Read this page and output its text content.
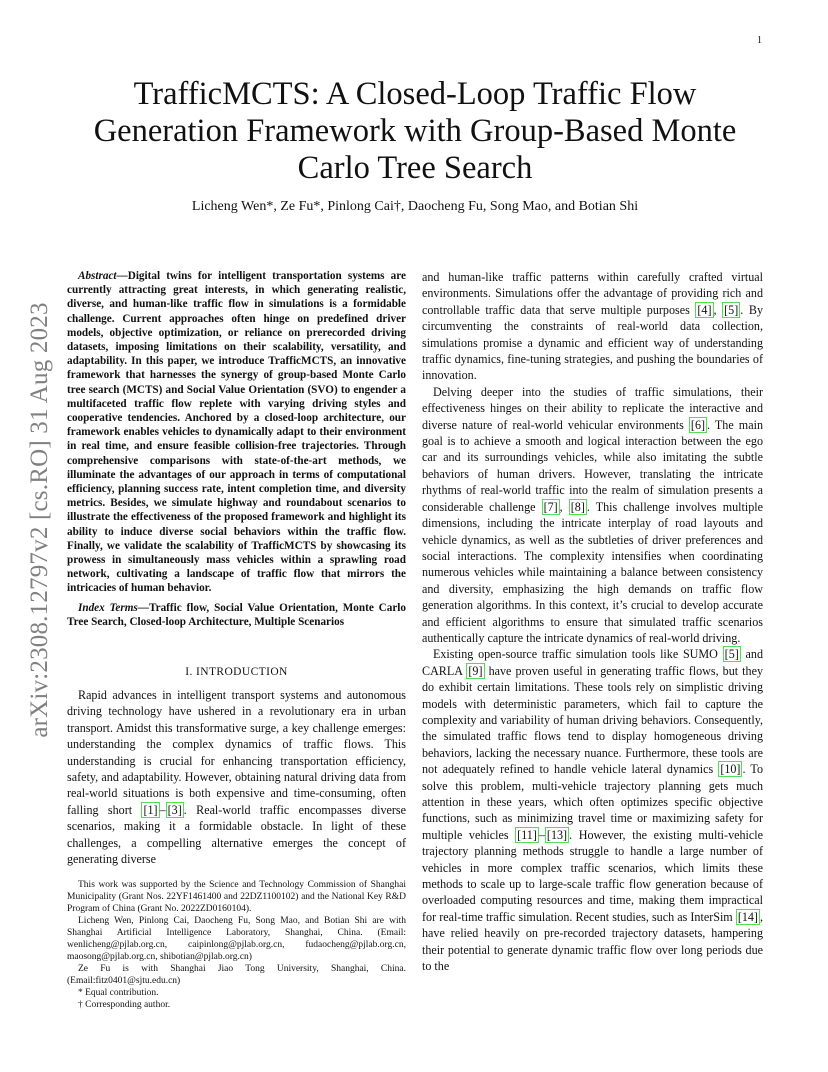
1
arXiv:2308.12797v2 [cs.RO] 31 Aug 2023
TrafficMCTS: A Closed-Loop Traffic Flow Generation Framework with Group-Based Monte Carlo Tree Search
Licheng Wen*, Ze Fu*, Pinlong Cai†, Daocheng Fu, Song Mao, and Botian Shi

Abstract—Digital twins for intelligent transportation systems are currently attracting great interests, in which generating realistic, diverse, and human-like traffic flow in simulations is a formidable challenge. Current approaches often hinge on predefined driver models, objective optimization, or reliance on prerecorded driving datasets, imposing limitations on their scalability, versatility, and adaptability. In this paper, we introduce TrafficMCTS, an innovative framework that harnesses the synergy of group-based Monte Carlo tree search (MCTS) and Social Value Orientation (SVO) to engender a multifaceted traffic flow replete with varying driving styles and cooperative tendencies. Anchored by a closed-loop architecture, our framework enables vehicles to dynamically adapt to their environment in real time, and ensure feasible collision-free trajectories. Through comprehensive comparisons with state-of-the-art methods, we illuminate the advantages of our approach in terms of computational efficiency, planning success rate, intent completion time, and diversity metrics. Besides, we simulate highway and roundabout scenarios to illustrate the effectiveness of the proposed framework and highlight its ability to induce diverse social behaviors within the traffic flow. Finally, we validate the scalability of TrafficMCTS by showcasing its prowess in simultaneously mass vehicles within a sprawling road network, cultivating a landscape of traffic flow that mirrors the intricacies of human behavior.

Index Terms—Traffic flow, Social Value Orientation, Monte Carlo Tree Search, Closed-loop Architecture, Multiple Scenarios

I. INTRODUCTION

Rapid advances in intelligent transport systems and autonomous driving technology have ushered in a revolutionary era in urban transport. Amidst this transformative surge, a key challenge emerges: understanding the complex dynamics of traffic flows. This understanding is crucial for enhancing transportation efficiency, safety, and adaptability. However, obtaining natural driving data from real-world situations is both expensive and time-consuming, often falling short [1] – [3] . Real-world traffic encompasses diverse scenarios, making it a formidable obstacle. In light of these challenges, a compelling alternative emerges the concept of generating diverse

and human-like traffic patterns within carefully crafted virtual environments. Simulations offer the advantage of providing rich and controllable traffic data that serve multiple purposes [4] , [5] . By circumventing the constraints of real-world data collection, simulations promise a dynamic and efficient way of understanding traffic dynamics, fine-tuning strategies, and pushing the boundaries of innovation.

Delving deeper into the studies of traffic simulations, their effectiveness hinges on their ability to replicate the interactive and diverse nature of real-world vehicular environments [6] . The main goal is to achieve a smooth and logical interaction between the ego car and its surroundings vehicles, while also imitating the subtle behaviors of human drivers. However, translating the intricate rhythms of real-world traffic into the realm of simulation presents a considerable challenge [7] , [8] . This challenge involves multiple dimensions, including the intricate interplay of road layouts and vehicle dynamics, as well as the subtleties of driver preferences and social interactions. The complexity intensifies when coordinating numerous vehicles while maintaining a balance between consistency and diversity, emphasizing the high demands on traffic flow generation algorithms. In this context, it’s crucial to develop accurate and efficient algorithms to ensure that simulated traffic scenarios authentically capture the intricate dynamics of real-world driving.

Existing open-source traffic simulation tools like SUMO [5] and CARLA [9] have proven useful in generating traffic flows, but they do exhibit certain limitations. These tools rely on simplistic driving models with deterministic parameters, which fail to capture the complexity and variability of human driving behaviors. Consequently, the simulated traffic flows tend to display homogeneous driving behaviors, lacking the necessary nuance. Furthermore, these tools are not adequately refined to handle vehicle lateral dynamics [10] . To solve this problem, multi-vehicle trajectory planning gets much attention in these years, which often optimizes specific objective functions, such as minimizing travel time or maximizing safety for multiple vehicles [11] – [13] . However, the existing multi-vehicle trajectory planning methods struggle to handle a large number of vehicles in more complex traffic scenarios, which limits these methods to scale up to large-scale traffic flow generation because of overloaded computing resources and time, making them impractical for real-time traffic simulation. Recent studies, such as InterSim [14] , have relied heavily on pre-recorded trajectory datasets, hampering their potential to generate dynamic traffic flow over long periods due to the

This work was supported by the Science and Technology Commission of Shanghai Municipality (Grant Nos. 22YF1461400 and 22DZ1100102) and the National Key R&D Program of China (Grant No. 2022ZD0160104).

Licheng Wen, Pinlong Cai, Daocheng Fu, Song Mao, and Botian Shi are with Shanghai Artificial Intelligence Laboratory, Shanghai, China. (Email: wenlicheng@pjlab.org.cn, caipinlong@pjlab.org.cn, fudaocheng@pjlab.org.cn, maosong@pjlab.org.cn, shibotian@pjlab.org.cn)

Ze Fu is with Shanghai Jiao Tong University, Shanghai, China. (Email:fitz0401@sjtu.edu.cn)

* Equal contribution.

† Corresponding author.
